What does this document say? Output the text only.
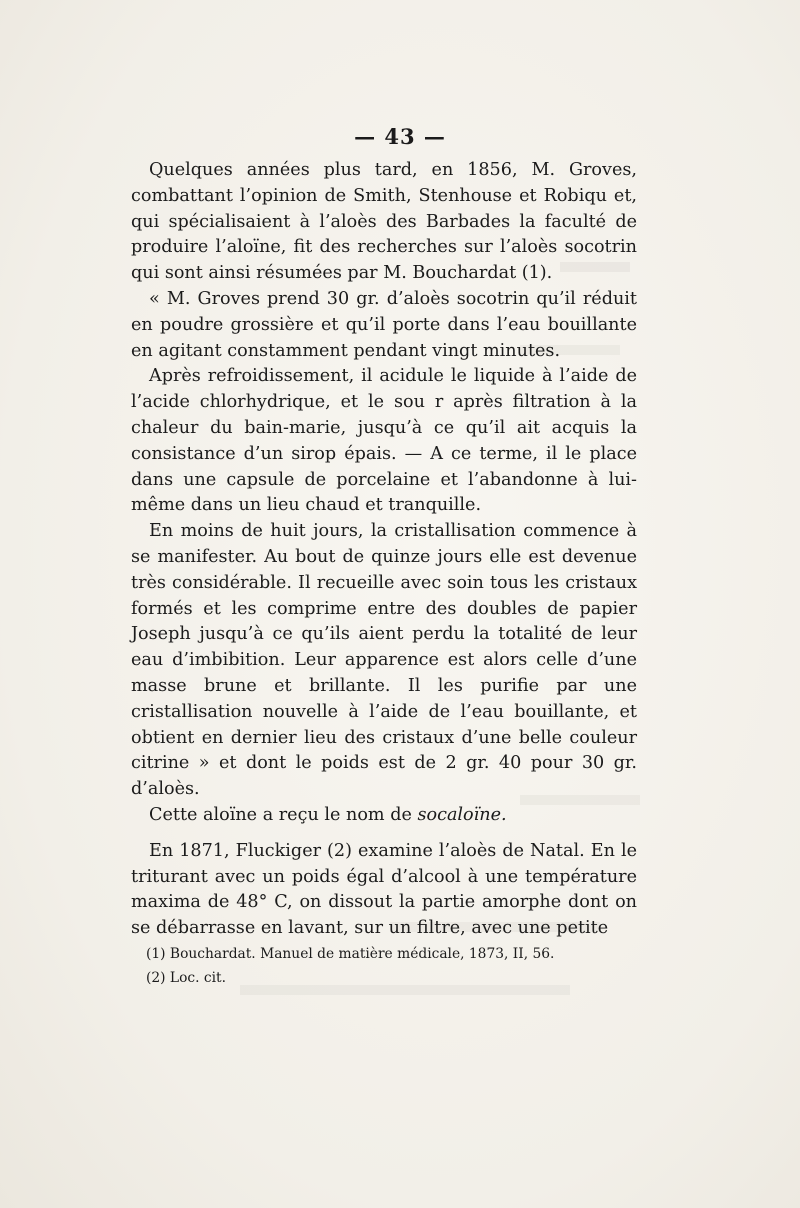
— 43 —

Quelques années plus tard, en 1856, M. Groves, combattant l’opinion de Smith, Stenhouse et Robiqu et, qui spécialisaient à l’aloès des Barbades la faculté de produire l’aloïne, fit des recherches sur l’aloès socotrin qui sont ainsi résumées par M. Bouchardat (1).

« M. Groves prend 30 gr. d’aloès socotrin qu’il réduit en poudre grossière et qu’il porte dans l’eau bouillante en agitant constamment pendant vingt minutes.

Après refroidissement, il acidule le liquide à l’aide de l’acide chlorhydrique, et le sou r après filtration à la chaleur du bain-marie, jusqu’à ce qu’il ait acquis la consistance d’un sirop épais. — A ce terme, il le place dans une capsule de porcelaine et l’abandonne à lui-même dans un lieu chaud et tranquille.

En moins de huit jours, la cristallisation commence à se manifester. Au bout de quinze jours elle est devenue très considérable. Il recueille avec soin tous les cristaux formés et les comprime entre des doubles de papier Joseph jusqu’à ce qu’ils aient perdu la totalité de leur eau d’imbibition. Leur apparence est alors celle d’une masse brune et brillante. Il les purifie par une cristallisation nouvelle à l’aide de l’eau bouillante, et obtient en dernier lieu des cristaux d’une belle couleur citrine » et dont le poids est de 2 gr. 40 pour 30 gr. d’aloès.

Cette aloïne a reçu le nom de socaloïne.

En 1871, Fluckiger (2) examine l’aloès de Natal. En le triturant avec un poids égal d’alcool à une température maxima de 48° C, on dissout la partie amorphe dont on se débarrasse en lavant, sur un filtre, avec une petite

(1) Bouchardat. Manuel de matière médicale, 1873, II, 56.
(2) Loc. cit.
